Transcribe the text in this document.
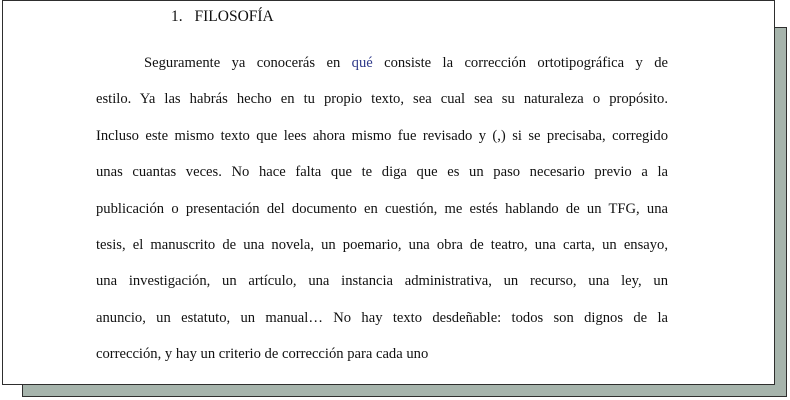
1. FILOSOFÍA
Seguramente ya conocerás en qué consiste la corrección ortotipográfica y de
estilo. Ya las habrás hecho en tu propio texto, sea cual sea su naturaleza o propósito.
Incluso este mismo texto que lees ahora mismo fue revisado y (,) si se precisaba, corregido
unas cuantas veces. No hace falta que te diga que es un paso necesario previo a la
publicación o presentación del documento en cuestión, me estés hablando de un TFG, una
tesis, el manuscrito de una novela, un poemario, una obra de teatro, una carta, un ensayo,
una investigación, un artículo, una instancia administrativa, un recurso, una ley, un
anuncio, un estatuto, un manual… No hay texto desdeñable: todos son dignos de la
corrección, y hay un criterio de corrección para cada uno
